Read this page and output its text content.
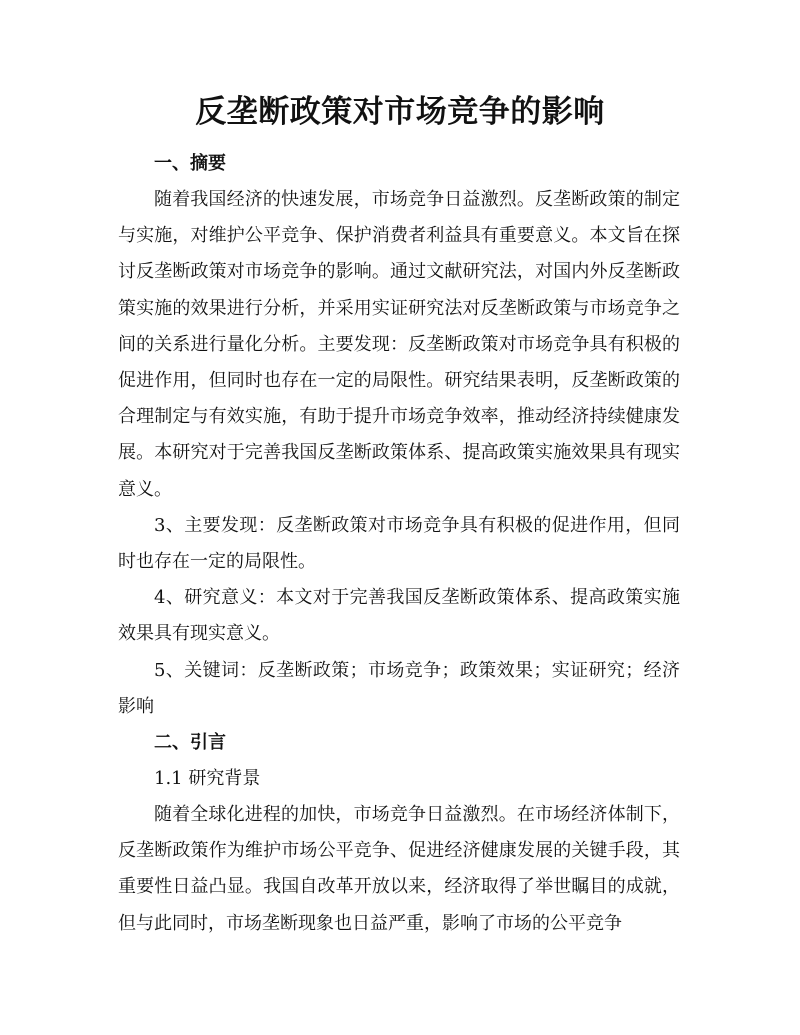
反垄断政策对市场竞争的影响

一、摘要

随着我国经济的快速发展，市场竞争日益激烈。反垄断政策的制定与实施，对维护公平竞争、保护消费者利益具有重要意义。本文旨在探讨反垄断政策对市场竞争的影响。通过文献研究法，对国内外反垄断政策实施的效果进行分析，并采用实证研究法对反垄断政策与市场竞争之间的关系进行量化分析。主要发现：反垄断政策对市场竞争具有积极的促进作用，但同时也存在一定的局限性。研究结果表明，反垄断政策的合理制定与有效实施，有助于提升市场竞争效率，推动经济持续健康发展。本研究对于完善我国反垄断政策体系、提高政策实施效果具有现实意义。

3、主要发现：反垄断政策对市场竞争具有积极的促进作用，但同时也存在一定的局限性。

4、研究意义：本文对于完善我国反垄断政策体系、提高政策实施效果具有现实意义。

5、关键词：反垄断政策；市场竞争；政策效果；实证研究；经济影响

二、引言

1.1 研究背景

随着全球化进程的加快，市场竞争日益激烈。在市场经济体制下，反垄断政策作为维护市场公平竞争、促进经济健康发展的关键手段，其重要性日益凸显。我国自改革开放以来，经济取得了举世瞩目的成就，但与此同时，市场垄断现象也日益严重，影响了市场的公平竞争
